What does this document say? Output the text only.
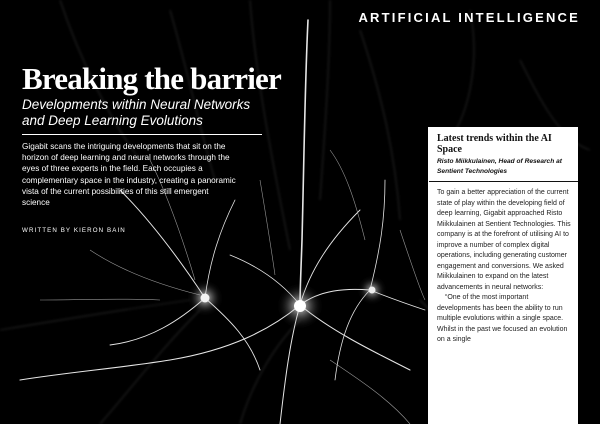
ARTIFICIAL INTELLIGENCE
Breaking the barrier

Developments within Neural Networks and Deep Learning Evolutions

Gigabit scans the intriguing developments that sit on the horizon of deep learning and neural networks through the eyes of three experts in the field. Each occupies a complementary space in the industry, creating a panoramic vista of the current possibilities of this still emergent science

WRITTEN BY KIERON BAIN

Latest trends within the AI Space

Risto Miikkulainen, Head of Research at Sentient Technologies

To gain a better appreciation of the current state of play within the developing field of deep learning, Gigabit approached Risto Miikkulainen at Sentient Technologies. This company is at the forefront of utilising AI to improve a number of complex digital operations, including generating customer engagement and conversions. We asked Miikkulainen to expand on the latest advancements in neural networks:

“One of the most important developments has been the ability to run multiple evolutions within a single space. Whilst in the past we focused an evolution on a single
